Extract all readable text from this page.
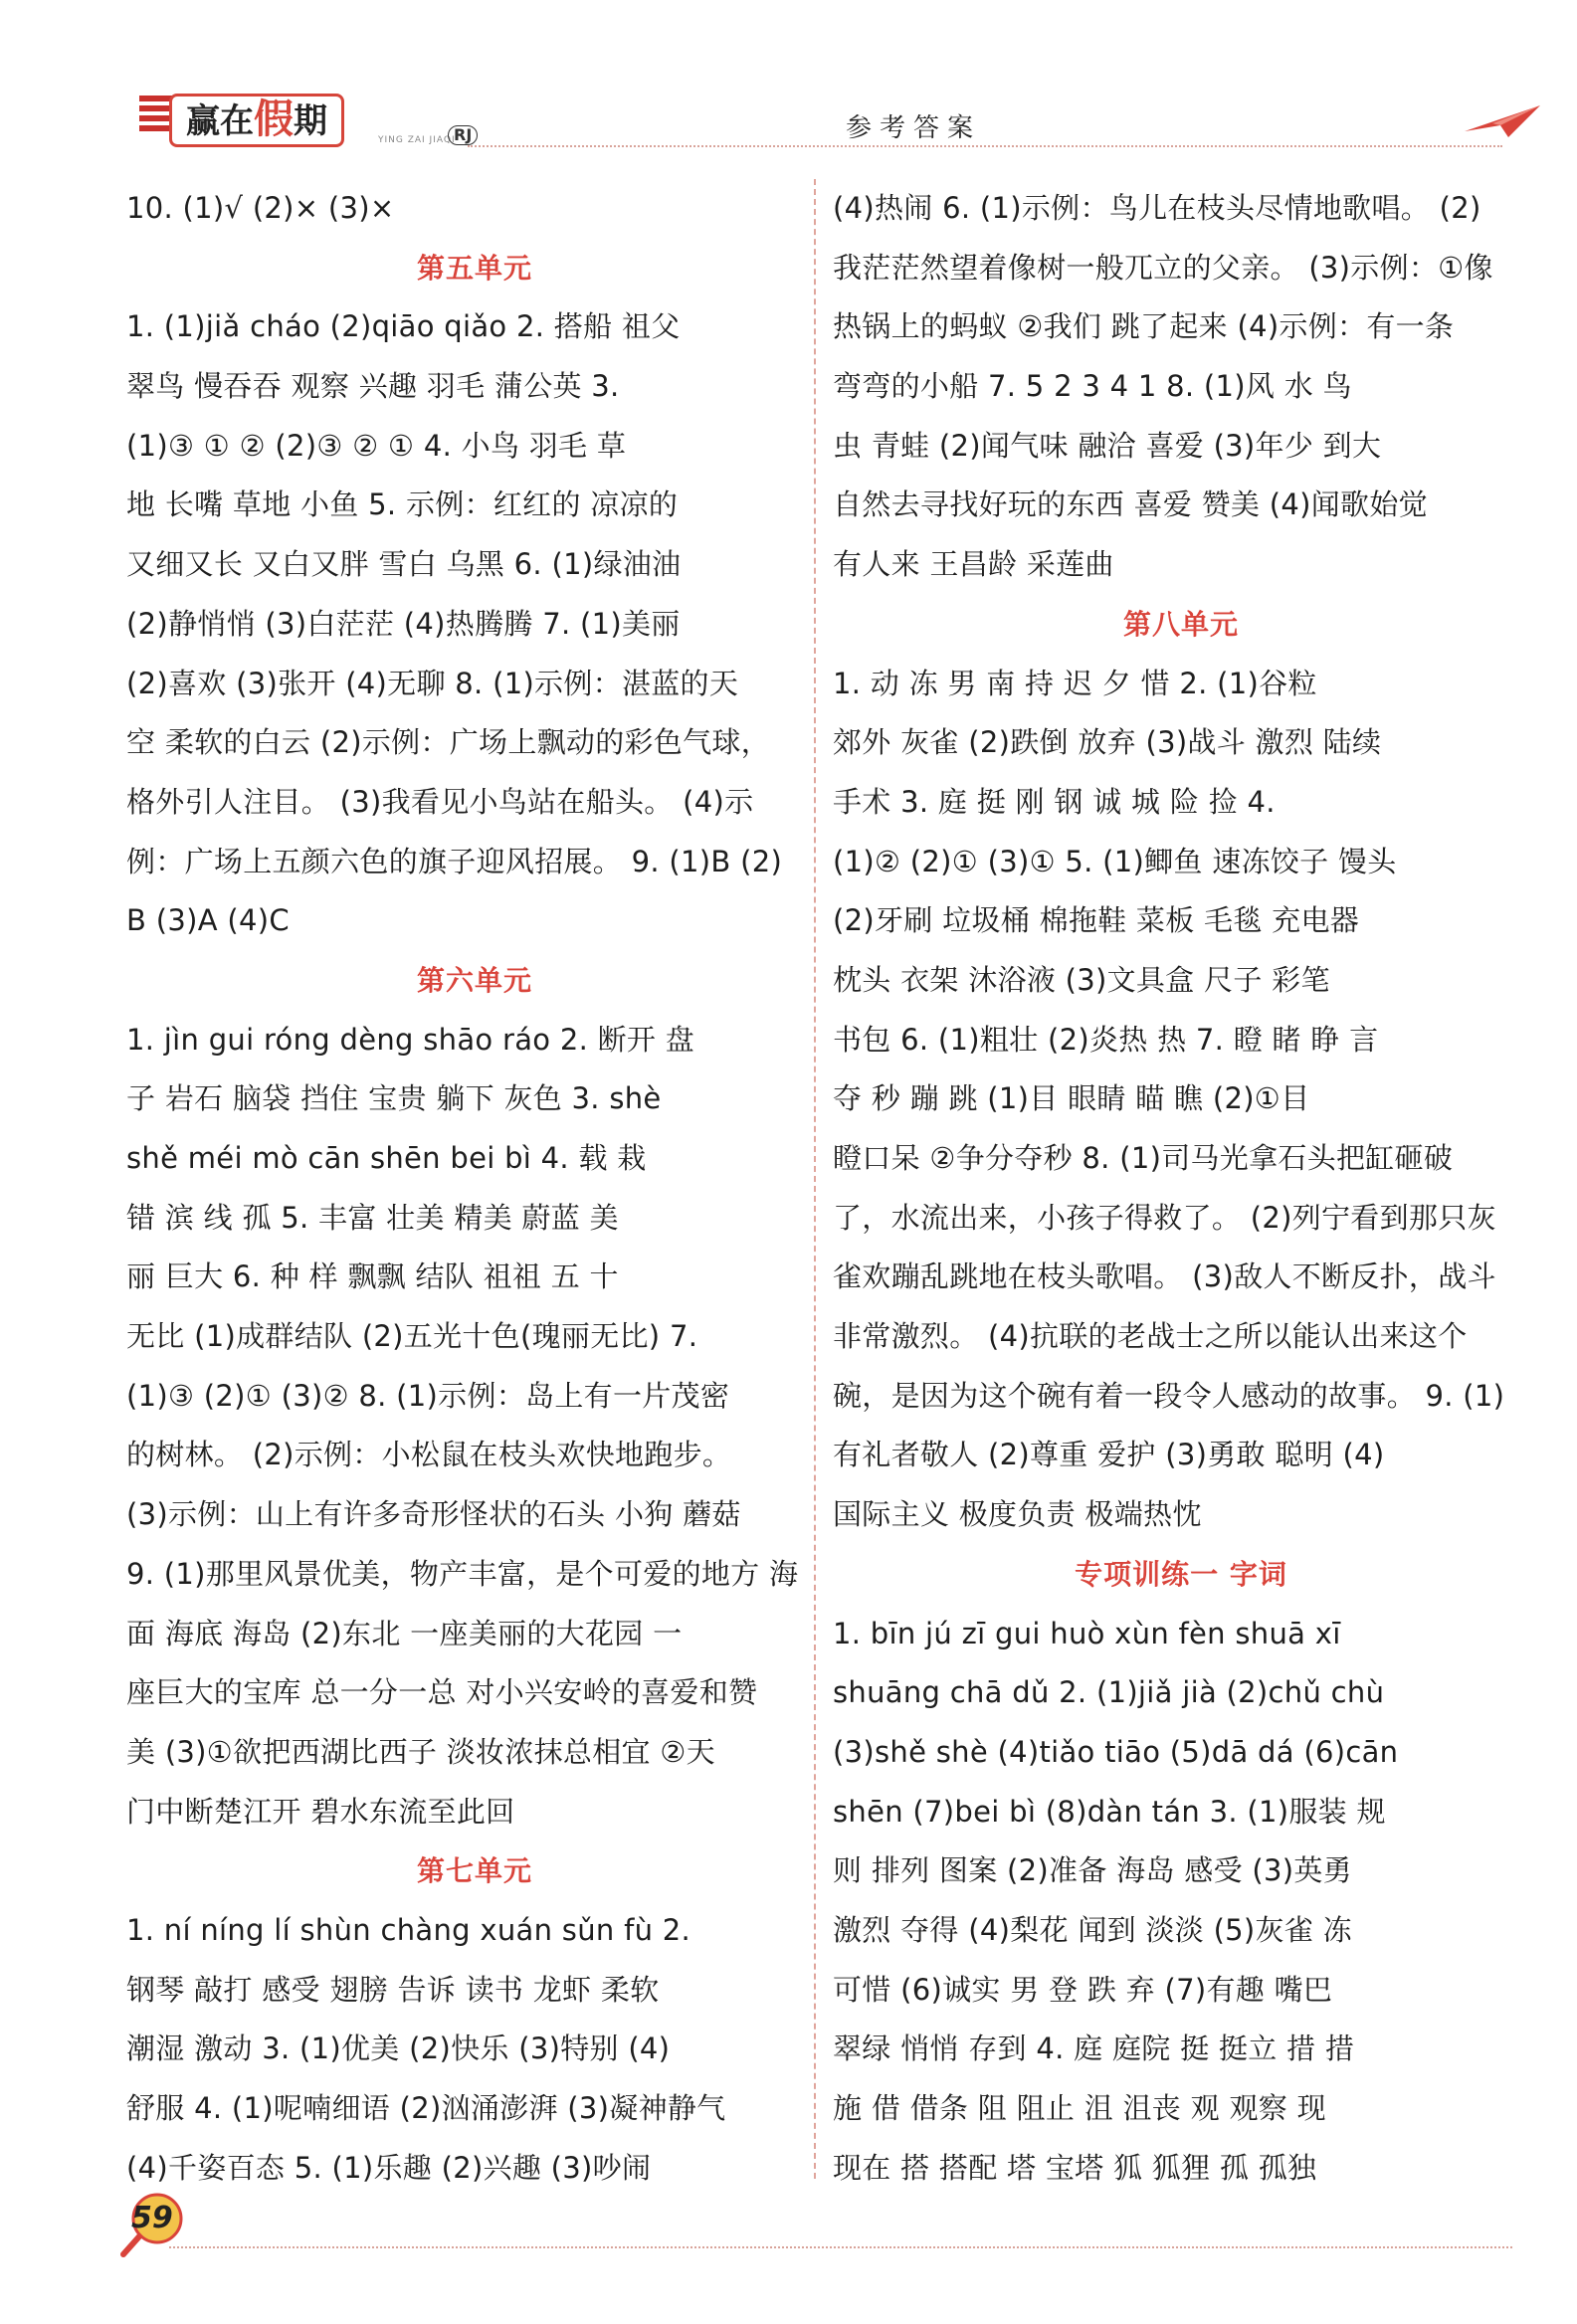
赢在假期	YING ZAI JIAQI
RJ	参考答案
10. (1)√ (2)× (3)×
第五单元
1. (1)jiǎ cháo (2)qiāo qiǎo 2. 搭船 祖父
翠鸟 慢吞吞 观察 兴趣 羽毛 蒲公英 3.
(1)③ ① ② (2)③ ② ① 4. 小鸟 羽毛 草
地 长嘴 草地 小鱼 5. 示例：红红的 凉凉的
又细又长 又白又胖 雪白 乌黑 6. (1)绿油油
(2)静悄悄 (3)白茫茫 (4)热腾腾 7. (1)美丽
(2)喜欢 (3)张开 (4)无聊 8. (1)示例：湛蓝的天
空 柔软的白云 (2)示例：广场上飘动的彩色气球，
格外引人注目。 (3)我看见小鸟站在船头。 (4)示
例：广场上五颜六色的旗子迎风招展。 9. (1)B (2)
B (3)A (4)C
第六单元
1. jìn gui róng dèng shāo ráo 2. 断开 盘
子 岩石 脑袋 挡住 宝贵 躺下 灰色 3. shè
shě méi mò cān shēn bei bì 4. 载 栽
错 滨 线 孤 5. 丰富 壮美 精美 蔚蓝 美
丽 巨大 6. 种 样 飘飘 结队 祖祖 五 十
无比 (1)成群结队 (2)五光十色(瑰丽无比) 7.
(1)③ (2)① (3)② 8. (1)示例：岛上有一片茂密
的树林。 (2)示例：小松鼠在枝头欢快地跑步。
(3)示例：山上有许多奇形怪状的石头 小狗 蘑菇
9. (1)那里风景优美，物产丰富，是个可爱的地方 海
面 海底 海岛 (2)东北 一座美丽的大花园 一
座巨大的宝库 总一分一总 对小兴安岭的喜爱和赞
美 (3)①欲把西湖比西子 淡妆浓抹总相宜 ②天
门中断楚江开 碧水东流至此回
第七单元
1. ní níng lí shùn chàng xuán sǔn fù 2.
钢琴 敲打 感受 翅膀 告诉 读书 龙虾 柔软
潮湿 激动 3. (1)优美 (2)快乐 (3)特别 (4)
舒服 4. (1)呢喃细语 (2)汹涌澎湃 (3)凝神静气
(4)千姿百态 5. (1)乐趣 (2)兴趣 (3)吵闹
(4)热闹 6. (1)示例：鸟儿在枝头尽情地歌唱。 (2)
我茫茫然望着像树一般兀立的父亲。 (3)示例：①像
热锅上的蚂蚁 ②我们 跳了起来 (4)示例：有一条
弯弯的小船 7. 5 2 3 4 1 8. (1)风 水 鸟
虫 青蛙 (2)闻气味 融洽 喜爱 (3)年少 到大
自然去寻找好玩的东西 喜爱 赞美 (4)闻歌始觉
有人来 王昌龄 采莲曲
第八单元
1. 动 冻 男 南 持 迟 夕 惜 2. (1)谷粒
郊外 灰雀 (2)跌倒 放弃 (3)战斗 激烈 陆续
手术 3. 庭 挺 刚 钢 诚 城 险 捡 4.
(1)② (2)① (3)① 5. (1)鲫鱼 速冻饺子 馒头
(2)牙刷 垃圾桶 棉拖鞋 菜板 毛毯 充电器
枕头 衣架 沐浴液 (3)文具盒 尺子 彩笔
书包 6. (1)粗壮 (2)炎热 热 7. 瞪 睹 睁 言
夺 秒 蹦 跳 (1)目 眼睛 瞄 瞧 (2)①目
瞪口呆 ②争分夺秒 8. (1)司马光拿石头把缸砸破
了，水流出来，小孩子得救了。 (2)列宁看到那只灰
雀欢蹦乱跳地在枝头歌唱。 (3)敌人不断反扑，战斗
非常激烈。 (4)抗联的老战士之所以能认出来这个
碗，是因为这个碗有着一段令人感动的故事。 9. (1)
有礼者敬人 (2)尊重 爱护 (3)勇敢 聪明 (4)
国际主义 极度负责 极端热忱
专项训练一 字词
1. bīn jú zī gui huò xùn fèn shuā xī
shuāng chā dǔ 2. (1)jiǎ jià (2)chǔ chù
(3)shě shè (4)tiǎo tiāo (5)dā dá (6)cān
shēn (7)bei bì (8)dàn tán 3. (1)服装 规
则 排列 图案 (2)准备 海岛 感受 (3)英勇
激烈 夺得 (4)梨花 闻到 淡淡 (5)灰雀 冻
可惜 (6)诚实 男 登 跌 弃 (7)有趣 嘴巴
翠绿 悄悄 存到 4. 庭 庭院 挺 挺立 措 措
施 借 借条 阻 阻止 沮 沮丧 观 观察 现
现在 搭 搭配 塔 宝塔 狐 狐狸 孤 孤独
59
